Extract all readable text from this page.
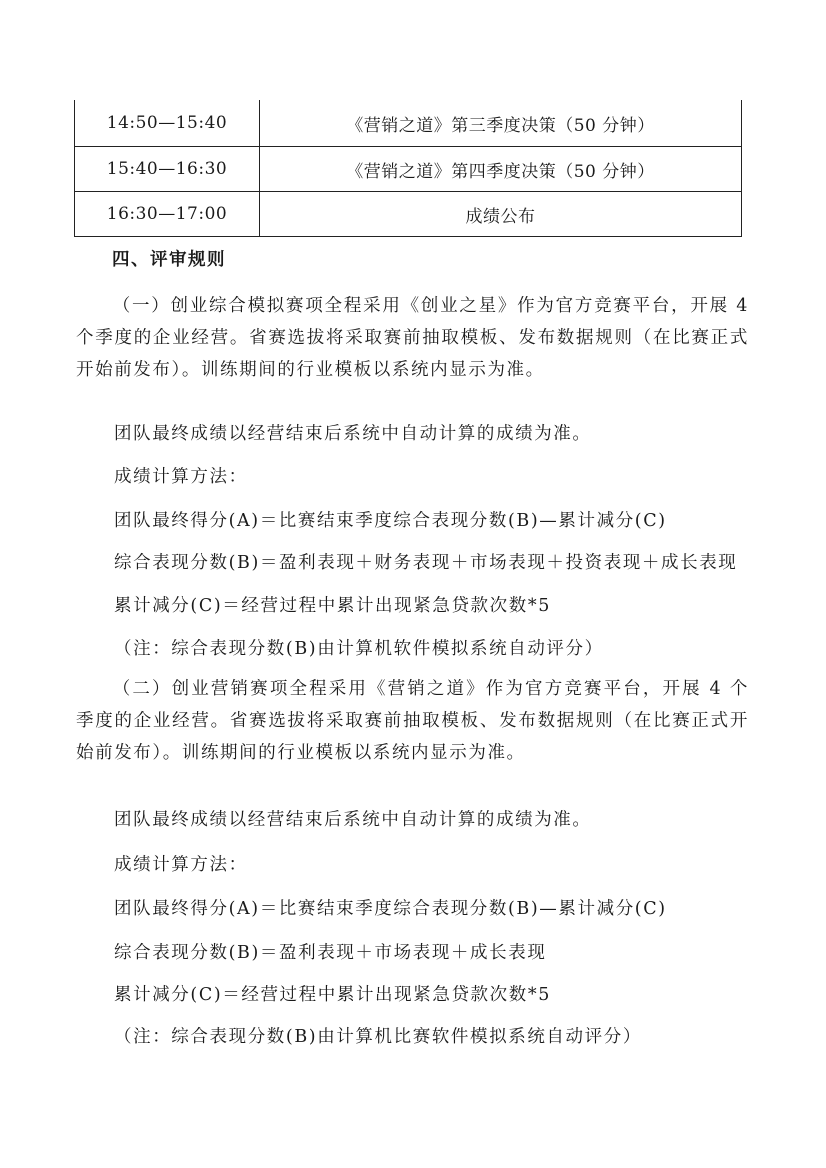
14:50—15:40	《营销之道》第三季度决策（50 分钟）
15:40—16:30	《营销之道》第四季度决策（50 分钟）
16:30—17:00	成绩公布
四、评审规则

（一）创业综合模拟赛项全程采用《创业之星》作为官方竞赛平台，开展 4 个季度的企业经营。省赛选拔将采取赛前抽取模板、发布数据规则（在比赛正式开始前发布）。训练期间的行业模板以系统内显示为准。

团队最终成绩以经营结束后系统中自动计算的成绩为准。

成绩计算方法：

团队最终得分(A)＝比赛结束季度综合表现分数(B)—累计减分(C)

综合表现分数(B)＝盈利表现＋财务表现＋市场表现＋投资表现＋成长表现

累计减分(C)＝经营过程中累计出现紧急贷款次数*5

（注：综合表现分数(B)由计算机软件模拟系统自动评分）

（二）创业营销赛项全程采用《营销之道》作为官方竞赛平台，开展 4 个季度的企业经营。省赛选拔将采取赛前抽取模板、发布数据规则（在比赛正式开始前发布）。训练期间的行业模板以系统内显示为准。

团队最终成绩以经营结束后系统中自动计算的成绩为准。

成绩计算方法：

团队最终得分(A)＝比赛结束季度综合表现分数(B)—累计减分(C)

综合表现分数(B)＝盈利表现＋市场表现＋成长表现

累计减分(C)＝经营过程中累计出现紧急贷款次数*5

（注：综合表现分数(B)由计算机比赛软件模拟系统自动评分）
